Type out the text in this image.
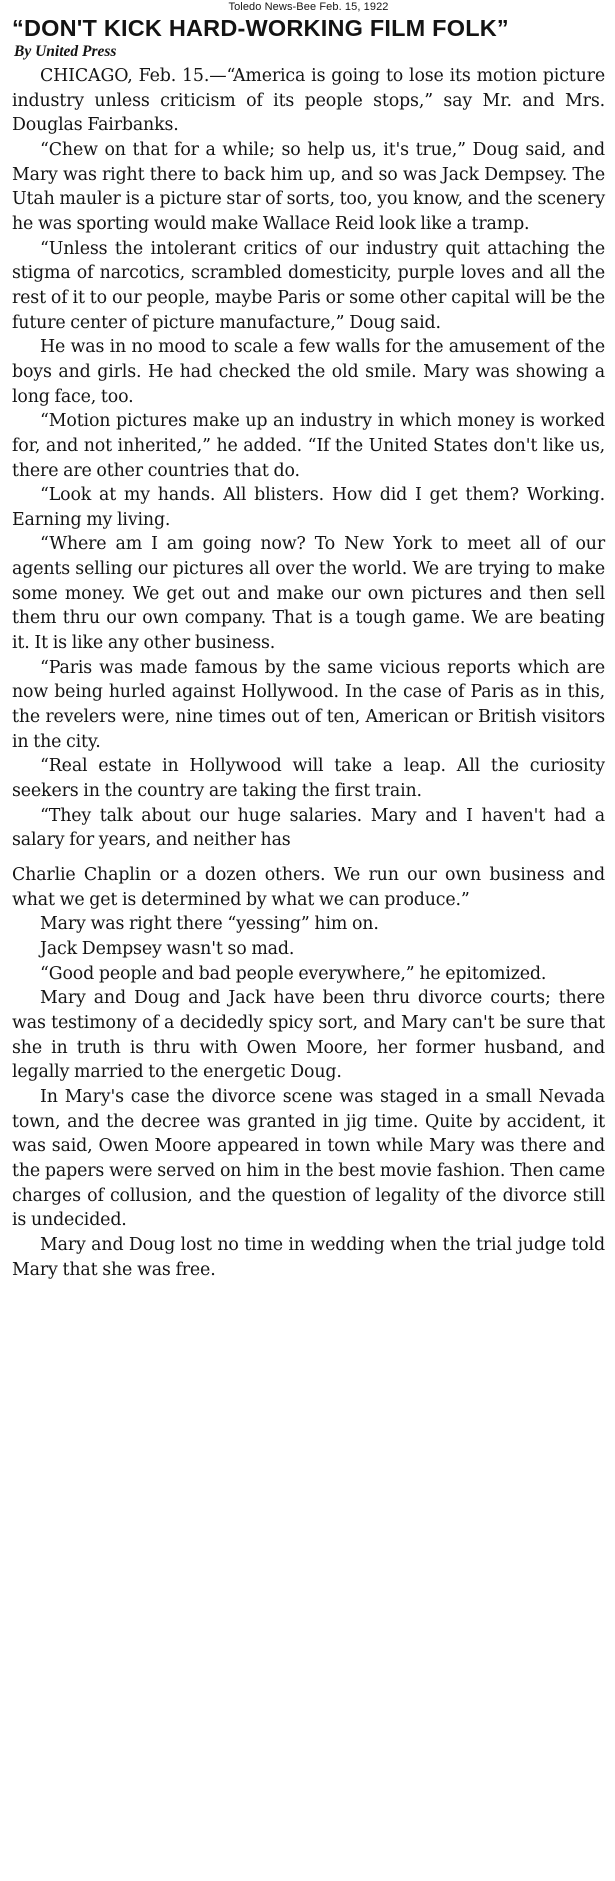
Toledo News-Bee Feb. 15, 1922

“DON'T KICK HARD-WORKING FILM FOLK”

By United Press

CHICAGO, Feb. 15.—“America is going to lose its motion picture industry unless criticism of its people stops,” say Mr. and Mrs. Douglas Fairbanks.

“Chew on that for a while; so help us, it's true,” Doug said, and Mary was right there to back him up, and so was Jack Dempsey. The Utah mauler is a picture star of sorts, too, you know, and the scenery he was sporting would make Wallace Reid look like a tramp.

“Unless the intolerant critics of our industry quit attaching the stigma of narcotics, scrambled domesticity, purple loves and all the rest of it to our people, maybe Paris or some other capital will be the future center of picture manufacture,” Doug said.

He was in no mood to scale a few walls for the amusement of the boys and girls. He had checked the old smile. Mary was showing a long face, too.

“Motion pictures make up an industry in which money is worked for, and not inherited,” he added. “If the United States don't like us, there are other countries that do.

“Look at my hands. All blisters. How did I get them? Working. Earning my living.

“Where am I am going now? To New York to meet all of our agents selling our pictures all over the world. We are trying to make some money. We get out and make our own pictures and then sell them thru our own company. That is a tough game. We are beating it. It is like any other business.

“Paris was made famous by the same vicious reports which are now being hurled against Hollywood. In the case of Paris as in this, the revelers were, nine times out of ten, American or British visitors in the city.

“Real estate in Hollywood will take a leap. All the curiosity seekers in the country are taking the first train.

“They talk about our huge salaries. Mary and I haven't had a salary for years, and neither has

Charlie Chaplin or a dozen others. We run our own business and what we get is determined by what we can produce.”

Mary was right there “yessing” him on.

Jack Dempsey wasn't so mad.

“Good people and bad people everywhere,” he epitomized.

Mary and Doug and Jack have been thru divorce courts; there was testimony of a decidedly spicy sort, and Mary can't be sure that she in truth is thru with Owen Moore, her former husband, and legally married to the energetic Doug.

In Mary's case the divorce scene was staged in a small Nevada town, and the decree was granted in jig time. Quite by accident, it was said, Owen Moore appeared in town while Mary was there and the papers were served on him in the best movie fashion. Then came charges of collusion, and the question of legality of the divorce still is undecided.

Mary and Doug lost no time in wedding when the trial judge told Mary that she was free.
